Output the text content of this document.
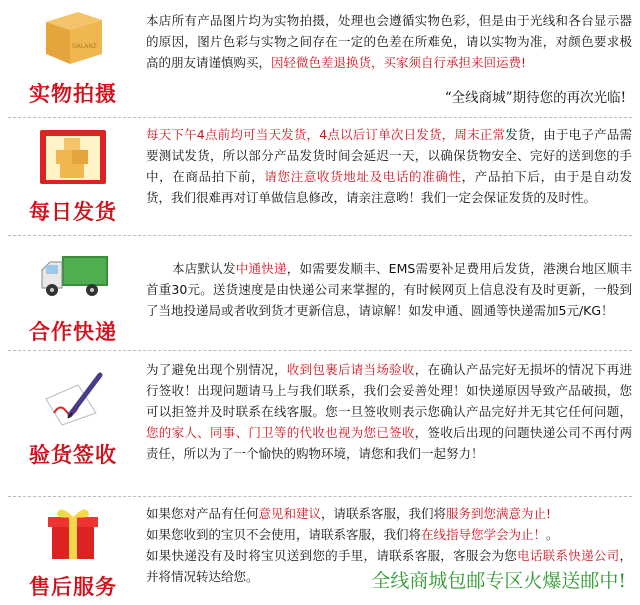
GALANZ
实物拍摄
本店所有产品图片均为实物拍摄，处理也会遵循实物色彩，但是由于光线和各台显示器的原因，图片色彩与实物之间存在一定的色差在所难免，请以实物为准，对颜色要求极高的朋友请谨慎购买，因轻微色差退换货，买家须自行承担来回运费!
“全线商城”期待您的再次光临!
每日发货
每天下午4点前均可当天发货，4点以后订单次日发货，周末正常发货，由于电子产品需要测试发货，所以部分产品发货时间会延迟一天，以确保货物安全、完好的送到您的手中，在商品拍下前，请您注意收货地址及电话的准确性，产品拍下后，由于是自动发货，我们很难再对订单做信息修改，请亲注意哟！我们一定会保证发货的及时性。
合作快递
本店默认发中通快递，如需要发顺丰、EMS需要补足费用后发货，港澳台地区顺丰首重30元。送货速度是由快递公司来掌握的，有时候网页上信息没有及时更新，一般到了当地投递局或者收到货才更新信息，请谅解！如发申通、圆通等快递需加5元/KG！
验货签收
为了避免出现个别情况，收到包裹后请当场验收，在确认产品完好无损坏的情况下再进行签收！出现问题请马上与我们联系，我们会妥善处理！如快递原因导致产品破损，您可以拒签并及时联系在线客服。您一旦签收则表示您确认产品完好并无其它任何问题，您的家人、同事、门卫等的代收也视为您已签收，签收后出现的问题快递公司不再付两责任，所以为了一个愉快的购物环境，请您和我们一起努力！
售后服务
如果您对产品有任何意见和建议，请联系客服，我们将服务到您满意为止!
如果您收到的宝贝不会使用，请联系客服，我们将在线指导您学会为止！。
如果快递没有及时将宝贝送到您的手里，请联系客服，客服会为您电话联系快递公司，并将情况转达给您。	全线商城包邮专区火爆送邮中!
